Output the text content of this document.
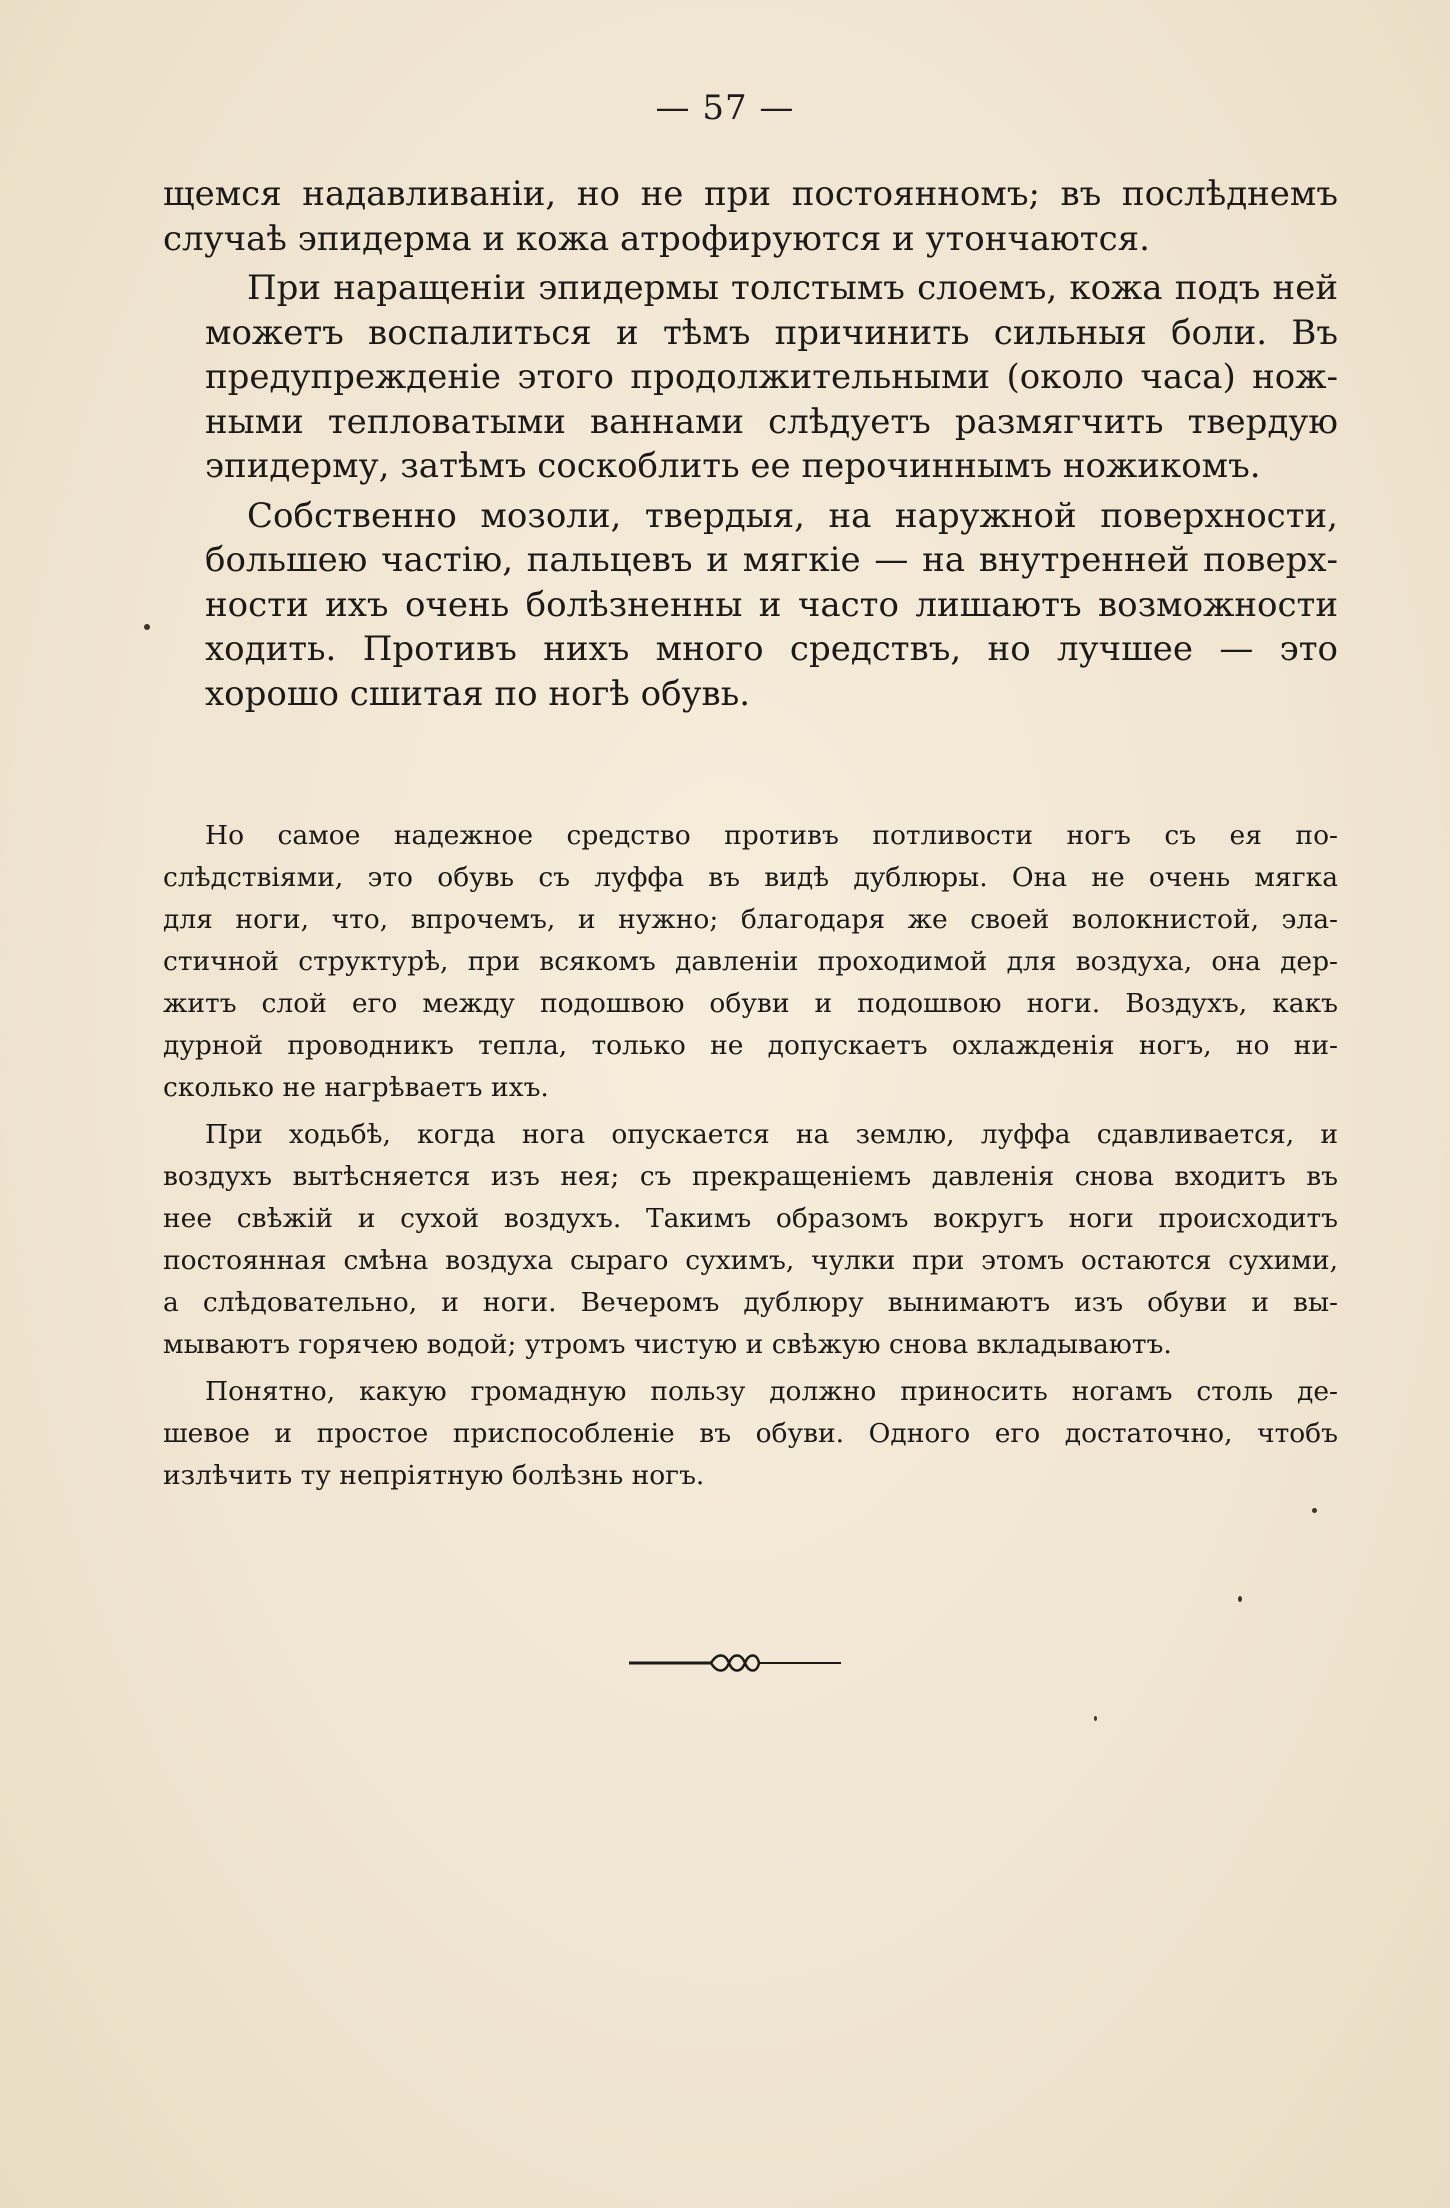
— 57 —

щемся надавливанiи, но не при постоянномъ; въ послѣднемъ
случаѣ эпидерма и кожа атрофируются и утончаются.

При наращенiи эпидермы толстымъ слоемъ, кожа подъ ней
можетъ воспалиться и тѣмъ причинить сильныя боли. Въ
предупрежденiе этого продолжительными (около часа) нож-
ными тепловатыми ваннами слѣдуетъ размягчить твердую
эпидерму, затѣмъ соскоблить ее перочиннымъ ножикомъ.

Собственно мозоли, твердыя, на наружной поверхности,
большею частiю, пальцевъ и мягкiе — на внутренней поверх-
ности ихъ очень болѣзненны и часто лишаютъ возможности
ходить. Противъ нихъ много средствъ, но лучшее — это
хорошо сшитая по ногѣ обувь.

Но самое надежное средство противъ потливости ногъ съ ея по-
слѣдствiями, это обувь съ луффа въ видѣ дублюры. Она не очень мягка
для ноги, что, впрочемъ, и нужно; благодаря же своей волокнистой, эла-
стичной структурѣ, при всякомъ давленiи проходимой для воздуха, она дер-
житъ слой его между подошвою обуви и подошвою ноги. Воздухъ, какъ
дурной проводникъ тепла, только не допускаетъ охлажденiя ногъ, но ни-
сколько не нагрѣваетъ ихъ.

При ходьбѣ, когда нога опускается на землю, луффа сдавливается, и
воздухъ вытѣсняется изъ нея; съ прекращенiемъ давленiя снова входитъ въ
нее свѣжiй и сухой воздухъ. Такимъ образомъ вокругъ ноги происходитъ
постоянная смѣна воздуха сыраго сухимъ, чулки при этомъ остаются сухими,
а слѣдовательно, и ноги. Вечеромъ дублюру вынимаютъ изъ обуви и вы-
мываютъ горячею водой; утромъ чистую и свѣжую снова вкладываютъ.

Понятно, какую громадную пользу должно приносить ногамъ столь де-
шевое и простое приспособленiе въ обуви. Одного его достаточно, чтобъ
излѣчить ту непрiятную болѣзнь ногъ.
